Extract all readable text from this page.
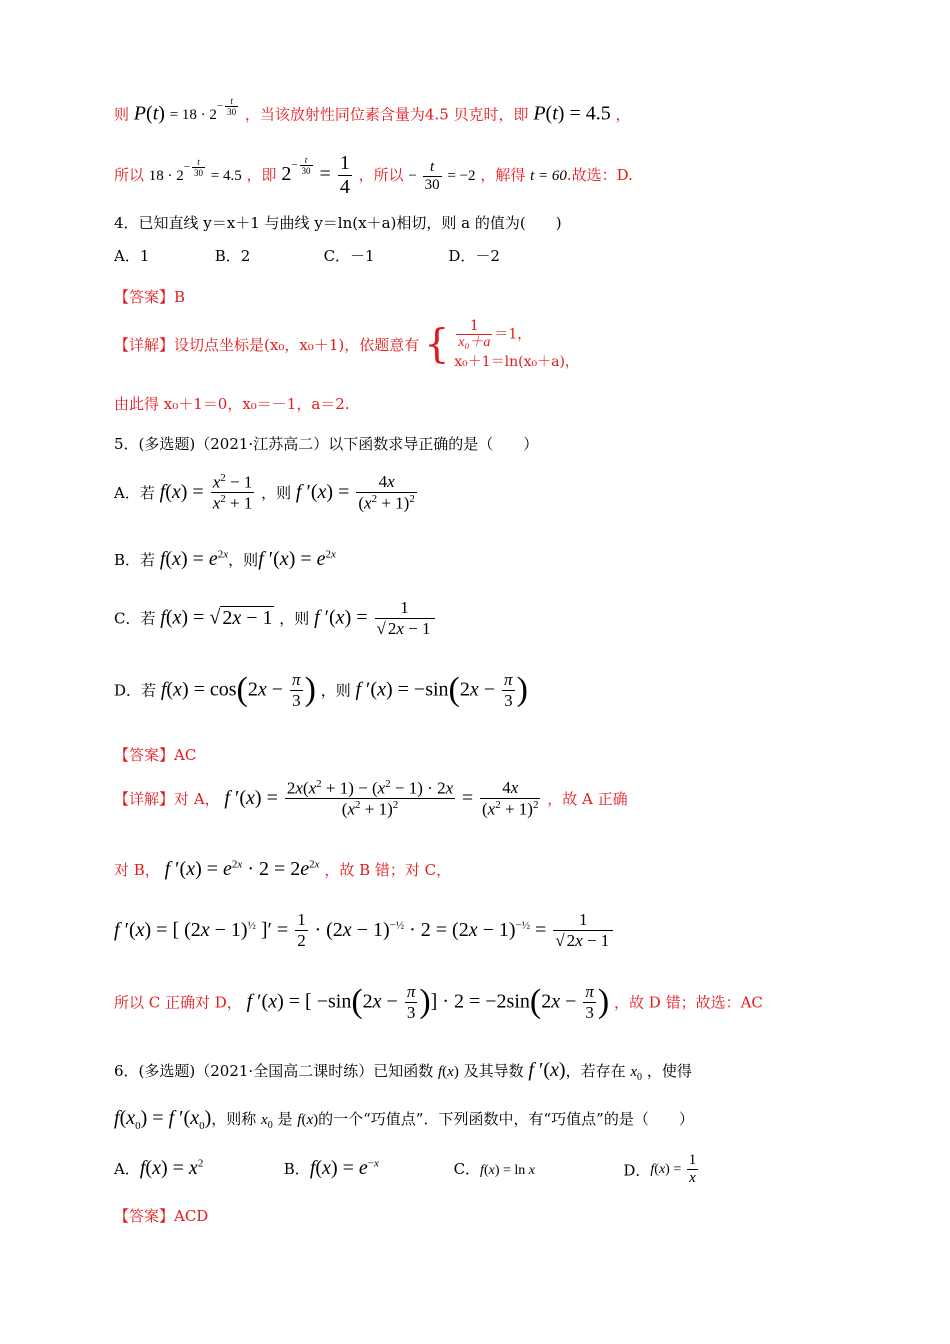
则 $P(t) = 18 \cdot 2^{- \frac{t}{30}}$ ，当该放射性同位素含量为4.5 贝克时，即 P(t) = 4.5 ，
所以 $18 \cdot 2^{- \frac{t}{30}} = 4.5$ ，即 $2^{- \frac{t}{30}} = \frac{1}{4}$ ，所以 − $\frac{t}{30} = -2$ ，解得 t = 60.故选：D.
4．已知直线 y＝x＋1 与曲线 y＝ln(x＋a)相切，则 a 的值为(　　)
A．1	B．2	C．－1	D．－2
【答案】B
【详解】设切点坐标是(x₀，x₀＋1)，依题意有 { $\frac{1}{\text{x₀＋a}} =1$，
x₀＋1＝ln(x₀＋a)，
由此得 x₀＋1＝0，x₀＝－1，a＝2.
5．(多选题)（2021·江苏高二）以下函数求导正确的是（　　）
A．若 $f(x) = \frac{x^2 - 1}{x^2 + 1}$ ，则 f $'(x) = \frac{4x}{(x^2 + 1)^2}$
B．若 $f(x) = e^{2x}$，则f $'(x) = e^{2x}$
C．若 f(x) = √ 2x − 1 ，则 f $'(x) = \frac{1}{√ 2x - 1}$
D．若 $f(x) = \cos(2x - \frac{\pi}{3}$ ) ，则 f $'(x) = -\sin(2x - \frac{\pi}{3}$ )
【答案】AC
【详解】对 A， f $'(x) = \frac{2x(x^2 + 1) - (x^2 - 1) \cdot 2x}{(x^2 + 1)^2} = \frac{4x}{(x^2 + 1)^2}$ ，故 A 正确
对 B， f $'(x) = e^{2x} \cdot 2 = 2e^{2x}$ ，故 B 错；对 C，
f ′(x) = [ $(2x - 1)^{\frac{1}{2}}$ ]′ = $\frac{1}{2} \cdot (2x - 1)^{-\frac{1}{2}} \cdot 2 = (2x - 1)^{-\frac{1}{2}} = \frac{1}{√ 2x - 1}$
所以 C 正确对 D， f ′(x) = [ $-\sin(2x - \frac{\pi}{3}$ )] · $2 = -2\sin(2x - \frac{\pi}{3}$ ) ，故 D 错；故选：AC
6．(多选题)（2021·全国高二课时练）已知函数 f(x) 及其导数 f ′(x)，若存在 $x_0$ ，使得
$f(x_0) = f$ $'(x_0)$，则称 $x_0$ 是 f(x)的一个“巧值点”．下列函数中，有“巧值点”的是（　　）
A．$f(x) = x^2$	B．$f(x) = e^{-x}$	C．f(x) = ln x	D．$f(x) = \frac{1}{x}$
【答案】ACD
